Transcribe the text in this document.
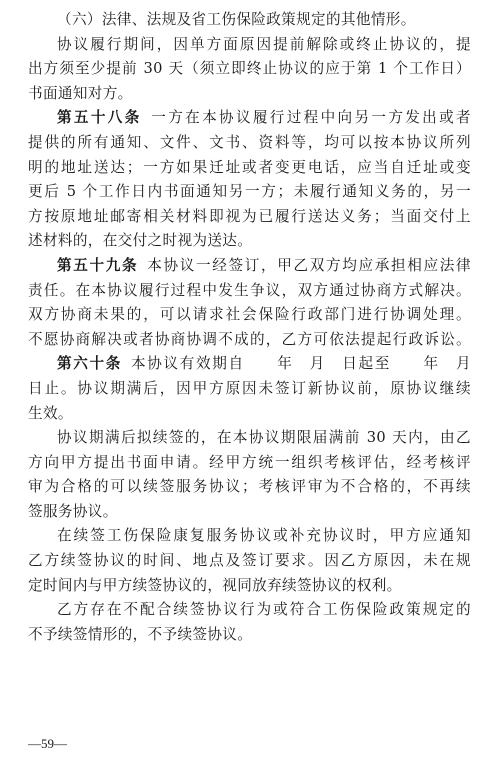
（六）法律、法规及省工伤保险政策规定的其他情形。
协议履行期间，因单方面原因提前解除或终止协议的，提
出方须至少提前 30 天（须立即终止协议的应于第 1 个工作日）
书面通知对方。
第五十八条  一方在本协议履行过程中向另一方发出或者
提供的所有通知、文件、文书、资料等，均可以按本协议所列
明的地址送达；一方如果迁址或者变更电话，应当自迁址或变
更后 5 个工作日内书面通知另一方；未履行通知义务的，另一
方按原地址邮寄相关材料即视为已履行送达义务；当面交付上
述材料的，在交付之时视为送达。
第五十九条  本协议一经签订，甲乙双方均应承担相应法律
责任。在本协议履行过程中发生争议，双方通过协商方式解决。
双方协商未果的，可以请求社会保险行政部门进行协调处理。
不愿协商解决或者协商协调不成的，乙方可依法提起行政诉讼。
第六十条  本协议有效期自　　年　月　日起至　　年　月
日止。协议期满后，因甲方原因未签订新协议前，原协议继续
生效。
协议期满后拟续签的，在本协议期限届满前 30 天内，由乙
方向甲方提出书面申请。经甲方统一组织考核评估，经考核评
审为合格的可以续签服务协议；考核评审为不合格的，不再续
签服务协议。
在续签工伤保险康复服务协议或补充协议时，甲方应通知
乙方续签协议的时间、地点及签订要求。因乙方原因，未在规
定时间内与甲方续签协议的，视同放弃续签协议的权利。
乙方存在不配合续签协议行为或符合工伤保险政策规定的
不予续签情形的，不予续签协议。
—59—
